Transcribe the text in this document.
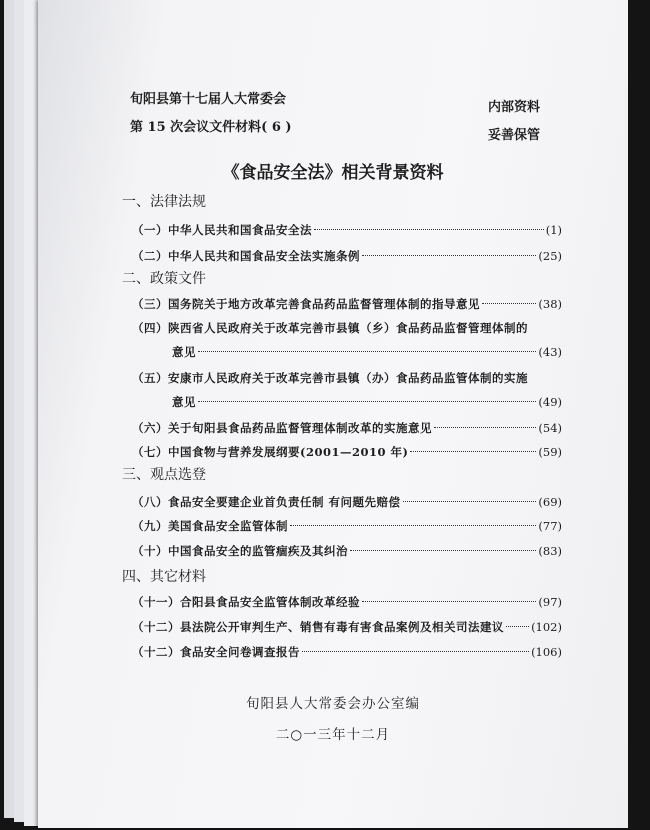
旬阳县第十七届人大常委会
第 15 次会议文件材料( 6 )
内部资料
妥善保管
《食品安全法》相关背景资料
一、法律法规
（一）中华人民共和国食品安全法	(1)
（二）中华人民共和国食品安全法实施条例	(25)
二、政策文件
（三）国务院关于地方改革完善食品药品监督管理体制的指导意见	(38)
（四）陕西省人民政府关于改革完善市县镇（乡）食品药品监督管理体制的
意见	(43)
（五）安康市人民政府关于改革完善市县镇（办）食品药品监管体制的实施
意见	(49)
（六）关于旬阳县食品药品监督管理体制改革的实施意见	(54)
（七）中国食物与营养发展纲要(2001—2010 年)	(59)
三、观点选登
（八）食品安全要建企业首负责任制 有问题先赔偿	(69)
（九）美国食品安全监管体制	(77)
（十）中国食品安全的监管痼疾及其纠治	(83)
四、其它材料
（十一）合阳县食品安全监管体制改革经验	(97)
（十二）县法院公开审判生产、销售有毒有害食品案例及相关司法建议 (102)
（十二）食品安全问卷调查报告	(106)
旬阳县人大常委会办公室编
二○一三年十二月
